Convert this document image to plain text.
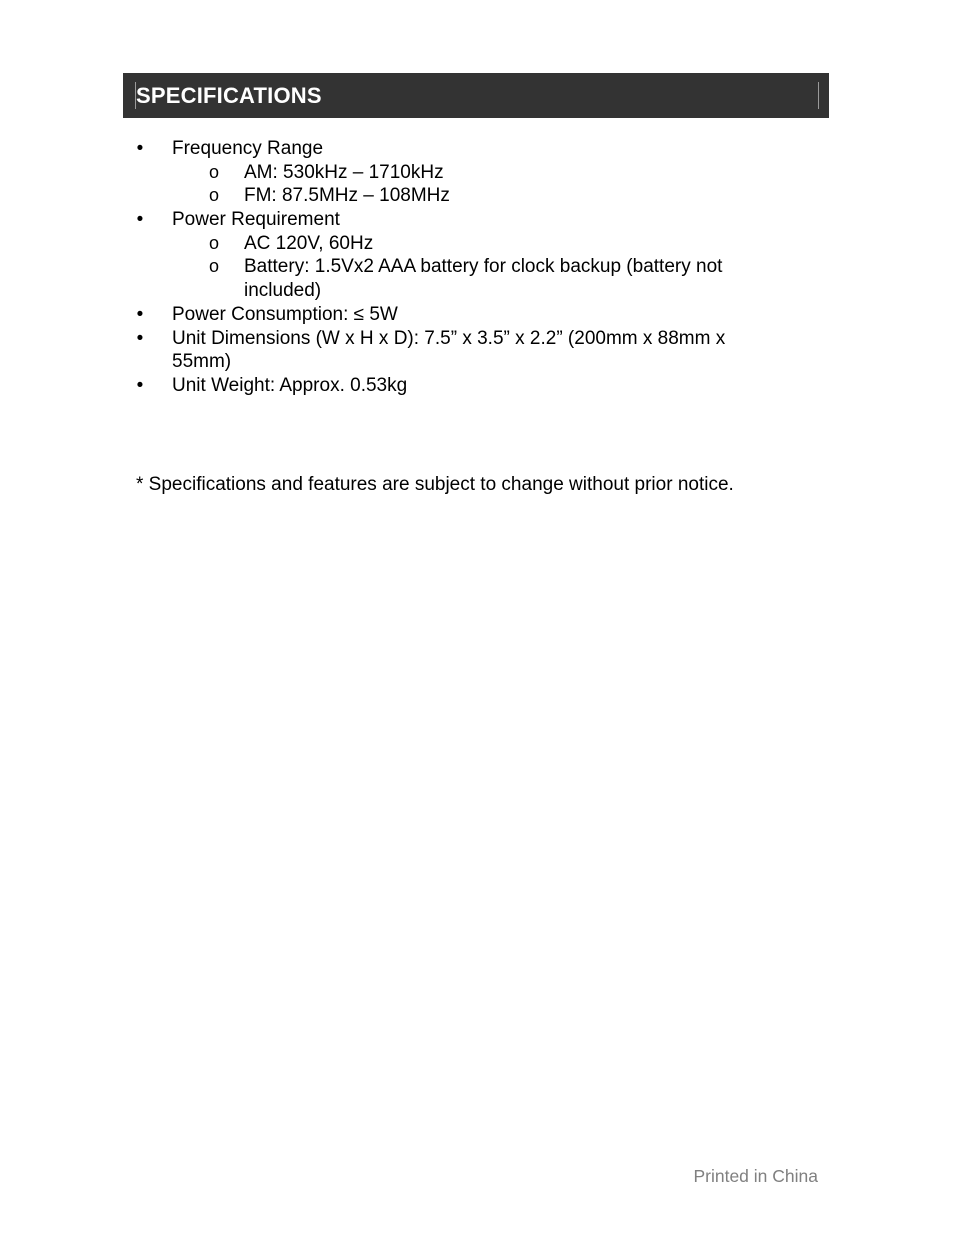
SPECIFICATIONS
•	Frequency Range
o AM: 530kHz – 1710kHz
o FM: 87.5MHz – 108MHz
•	Power Requirement
o AC 120V, 60Hz
o Battery: 1.5Vx2 AAA battery for clock backup (battery not
included)
•	Power Consumption: ≤ 5W
•	Unit Dimensions (W x H x D): 7.5” x 3.5” x 2.2” (200mm x 88mm x
55mm)
•	Unit Weight: Approx. 0.53kg
* Specifications and features are subject to change without prior notice.
Printed in China
